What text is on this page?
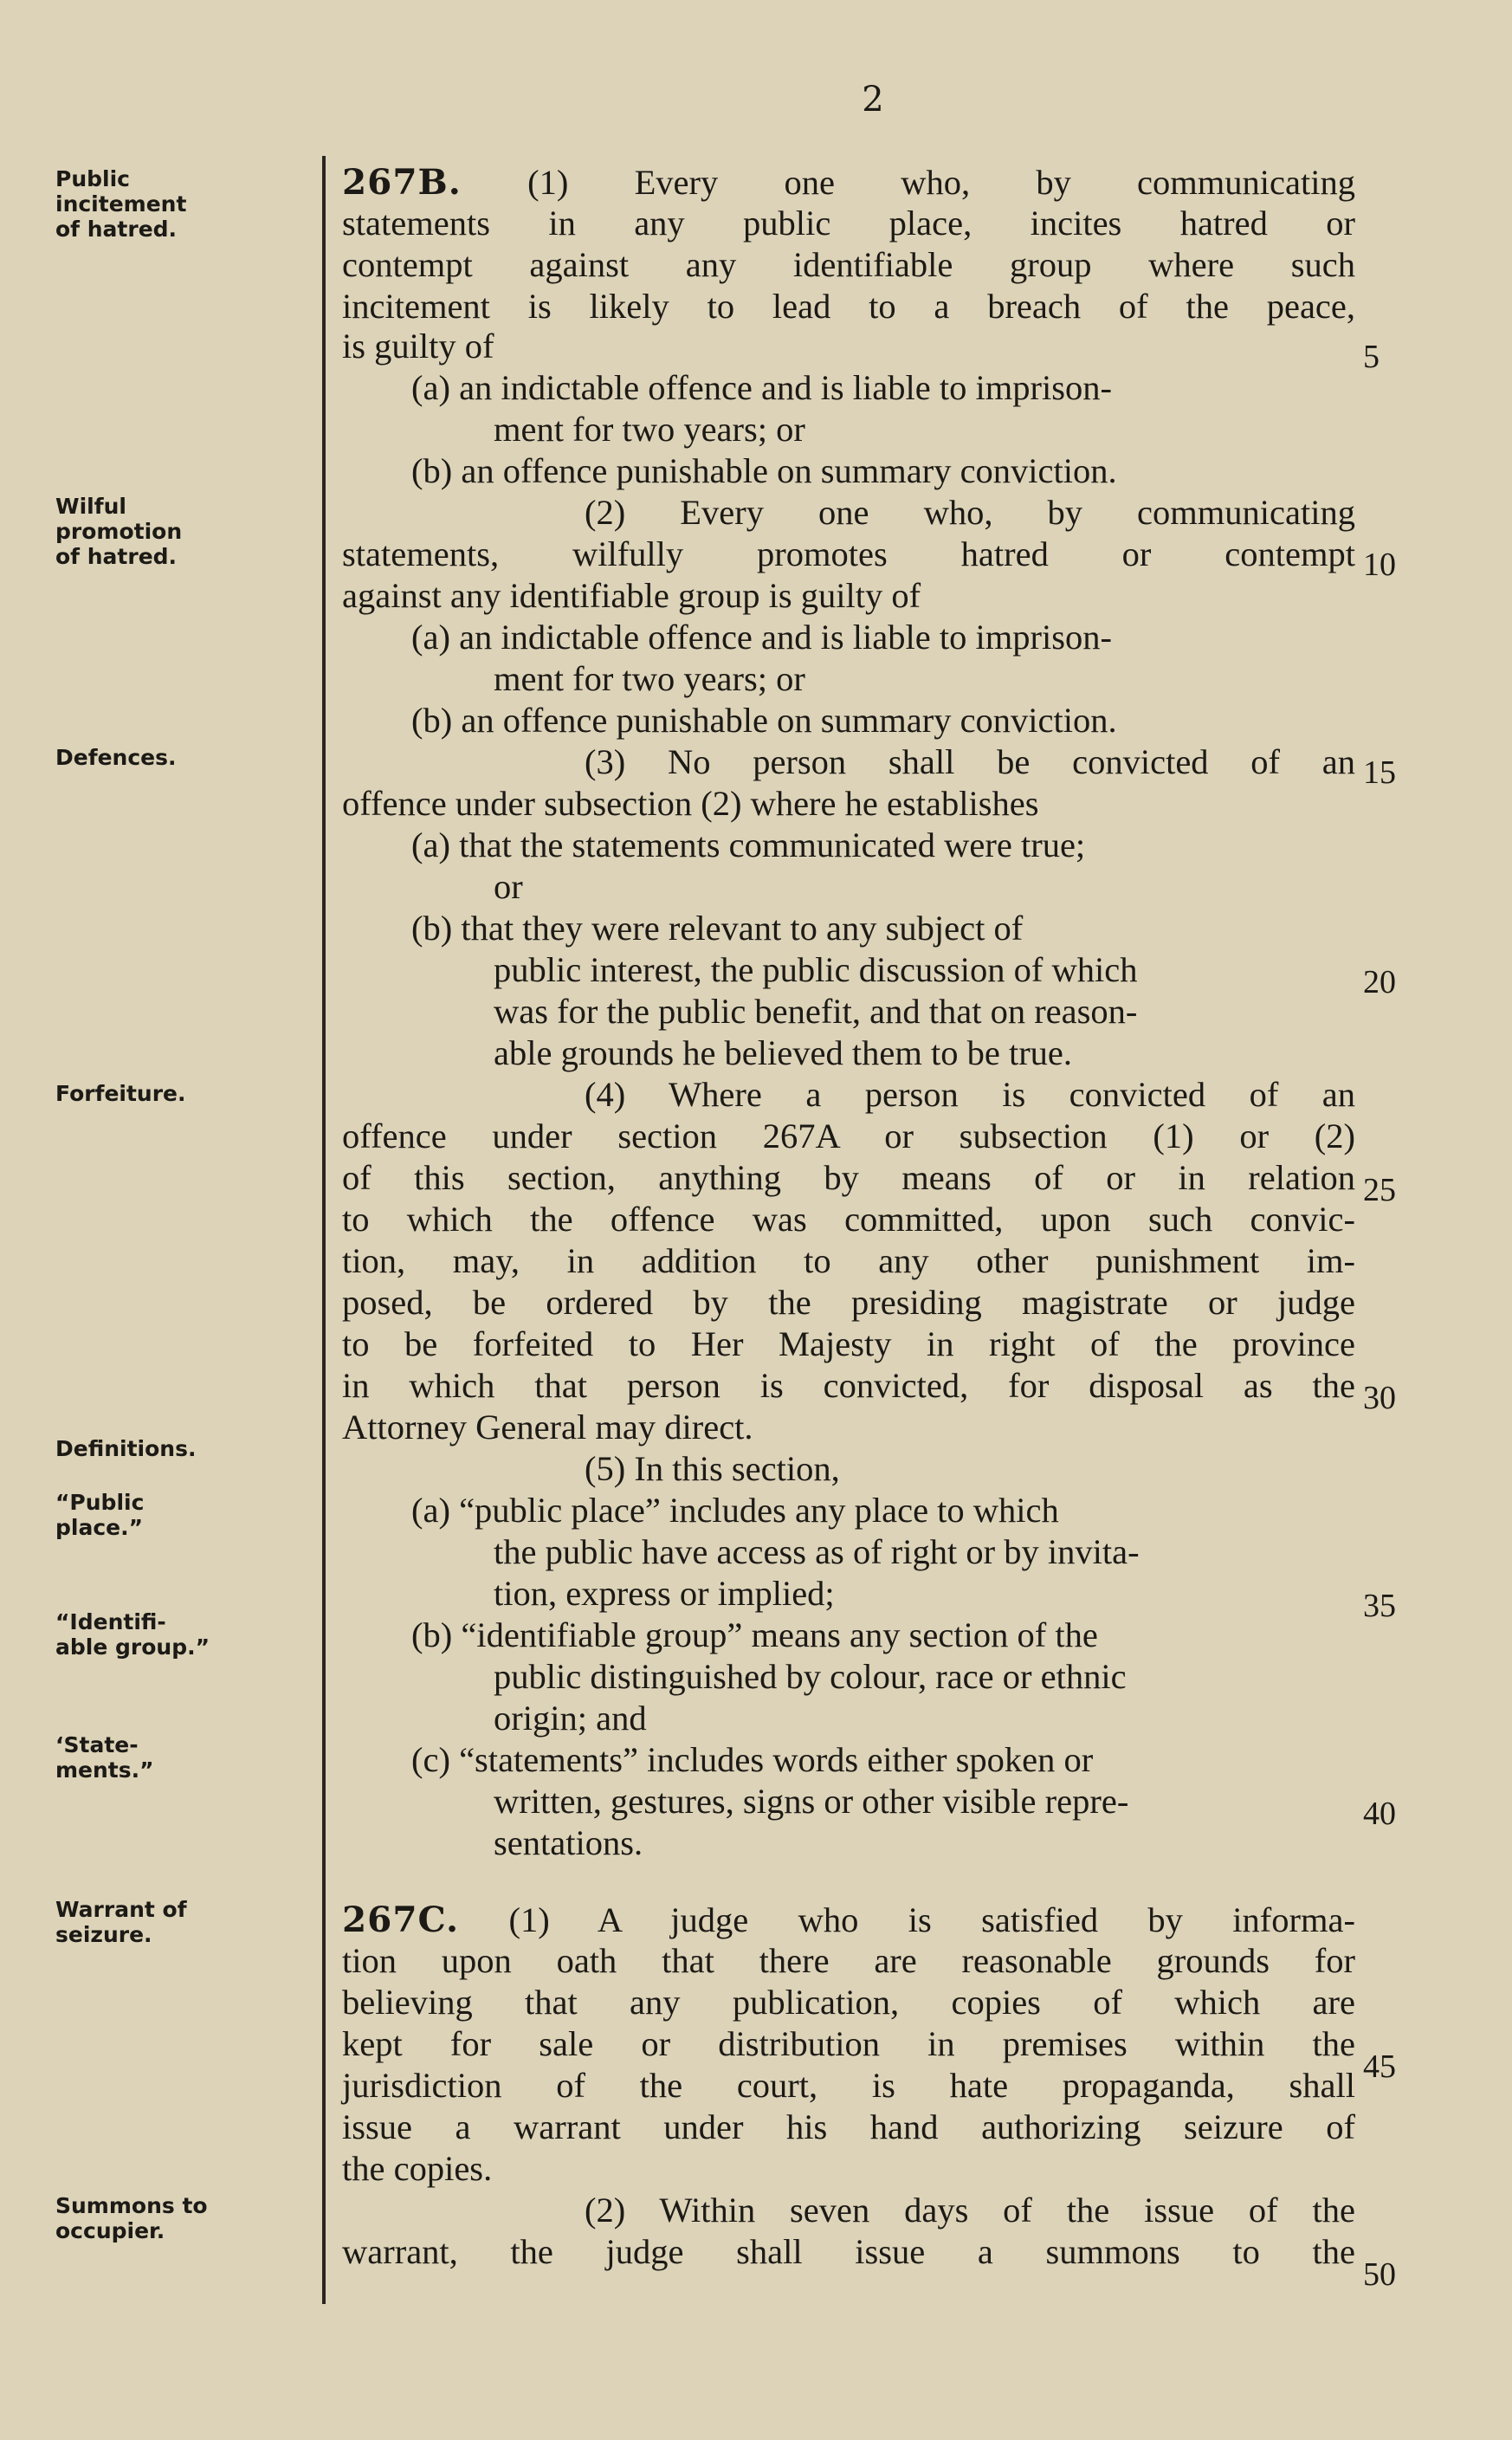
2
Public
incitement
of hatred.
Wilful
promotion
of hatred.
Defences.
Forfeiture.
Definitions.
“Public
place.”
“Identifi-
able group.”
‘State-
ments.”
Warrant of
seizure.
Summons to
occupier.
267B. (1) Every one who, by communicating
statements in any public place, incites hatred or
contempt against any identifiable group where such
incitement is likely to lead to a breach of the peace,
is guilty of
(a) an indictable offence and is liable to imprison-
ment for two years; or
(b) an offence punishable on summary conviction.
(2) Every one who, by communicating
statements, wilfully promotes hatred or contempt
against any identifiable group is guilty of
(a) an indictable offence and is liable to imprison-
ment for two years; or
(b) an offence punishable on summary conviction.
(3) No person shall be convicted of an
offence under subsection (2) where he establishes
(a) that the statements communicated were true;
or
(b) that they were relevant to any subject of
public interest, the public discussion of which
was for the public benefit, and that on reason-
able grounds he believed them to be true.
(4) Where a person is convicted of an
offence under section 267A or subsection (1) or (2)
of this section, anything by means of or in relation
to which the offence was committed, upon such convic-
tion, may, in addition to any other punishment im-
posed, be ordered by the presiding magistrate or judge
to be forfeited to Her Majesty in right of the province
in which that person is convicted, for disposal as the
Attorney General may direct.
(5) In this section,
(a) “public place” includes any place to which
the public have access as of right or by invita-
tion, express or implied;
(b) “identifiable group” means any section of the
public distinguished by colour, race or ethnic
origin; and
(c) “statements” includes words either spoken or
written, gestures, signs or other visible repre-
sentations.
267C. (1) A judge who is satisfied by informa-
tion upon oath that there are reasonable grounds for
believing that any publication, copies of which are
kept for sale or distribution in premises within the
jurisdiction of the court, is hate propaganda, shall
issue a warrant under his hand authorizing seizure of
the copies.
(2) Within seven days of the issue of the
warrant, the judge shall issue a summons to the
5
10
15
20
25
30
35
40
45
50
